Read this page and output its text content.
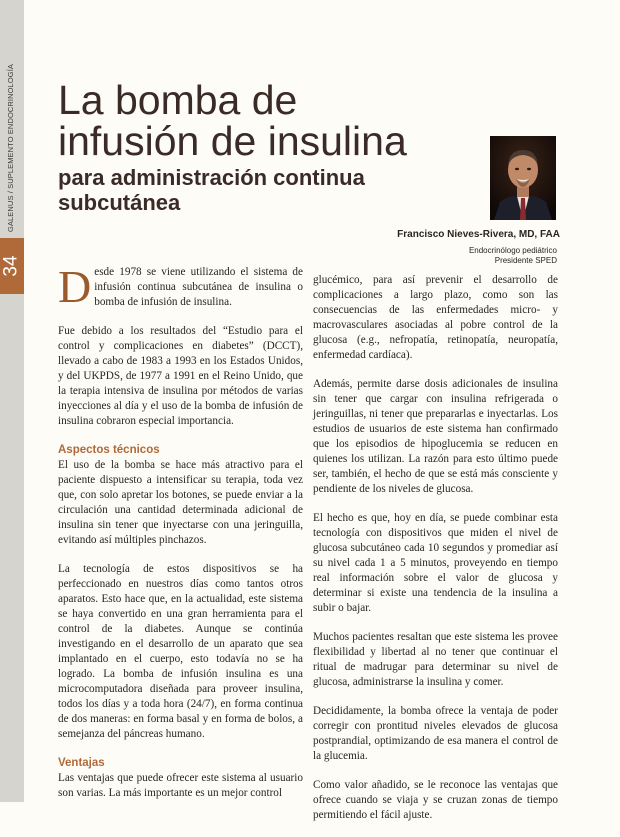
GALENUS / SUPLEMENTO ENDOCRINOLOGÍA
34
La bomba de
infusión de insulina
para administración continua
subcutánea
Francisco Nieves-Rivera, MD, FAA
Endocrinólogo pediátrico
Presidente SPED

Desde 1978 se viene utilizando el sistema de infusión continua subcutánea de insulina o bomba de infusión de insulina.

Fue debido a los resultados del “Estudio para el control y complicaciones en diabetes” (DCCT), llevado a cabo de 1983 a 1993 en los Estados Unidos, y del UKPDS, de 1977 a 1991 en el Reino Unido, que la terapia intensiva de insulina por métodos de varias inyecciones al día y el uso de la bomba de infusión de insulina cobraron especial importancia.

Aspectos técnicos

El uso de la bomba se hace más atractivo para el paciente dispuesto a intensificar su terapia, toda vez que, con solo apretar los botones, se puede enviar a la circulación una cantidad determinada adicional de insulina sin tener que inyectarse con una jeringuilla, evitando así múltiples pinchazos.

La tecnología de estos dispositivos se ha perfeccionado en nuestros días como tantos otros aparatos. Esto hace que, en la actualidad, este sistema se haya convertido en una gran herramienta para el control de la diabetes. Aunque se continúa investigando en el desarrollo de un aparato que sea implantado en el cuerpo, esto todavía no se ha logrado. La bomba de infusión insulina es una microcomputadora diseñada para proveer insulina, todos los días y a toda hora (24/7), en forma continua de dos maneras: en forma basal y en forma de bolos, a semejanza del páncreas humano.

Ventajas

Las ventajas que puede ofrecer este sistema al usuario son varias. La más importante es un mejor control

glucémico, para así prevenir el desarrollo de complicaciones a largo plazo, como son las consecuencias de las enfermedades micro- y macrovasculares asociadas al pobre control de la glucosa (e.g., nefropatía, retinopatía, neuropatía, enfermedad cardíaca).

Además, permite darse dosis adicionales de insulina sin tener que cargar con insulina refrigerada o jeringuillas, ni tener que prepararlas e inyectarlas. Los estudios de usuarios de este sistema han confirmado que los episodios de hipoglucemia se reducen en quienes los utilizan. La razón para esto último puede ser, también, el hecho de que se está más consciente y pendiente de los niveles de glucosa.

El hecho es que, hoy en día, se puede combinar esta tecnología con dispositivos que miden el nivel de glucosa subcutáneo cada 10 segundos y promediar así su nivel cada 1 a 5 minutos, proveyendo en tiempo real información sobre el valor de glucosa y determinar si existe una tendencia de la insulina a subir o bajar.

Muchos pacientes resaltan que este sistema les provee flexibilidad y libertad al no tener que continuar el ritual de madrugar para determinar su nivel de glucosa, administrarse la insulina y comer.

Decididamente, la bomba ofrece la ventaja de poder corregir con prontitud niveles elevados de glucosa postprandial, optimizando de esa manera el control de la glucemia.

Como valor añadido, se le reconoce las ventajas que ofrece cuando se viaja y se cruzan zonas de tiempo permitiendo el fácil ajuste.
